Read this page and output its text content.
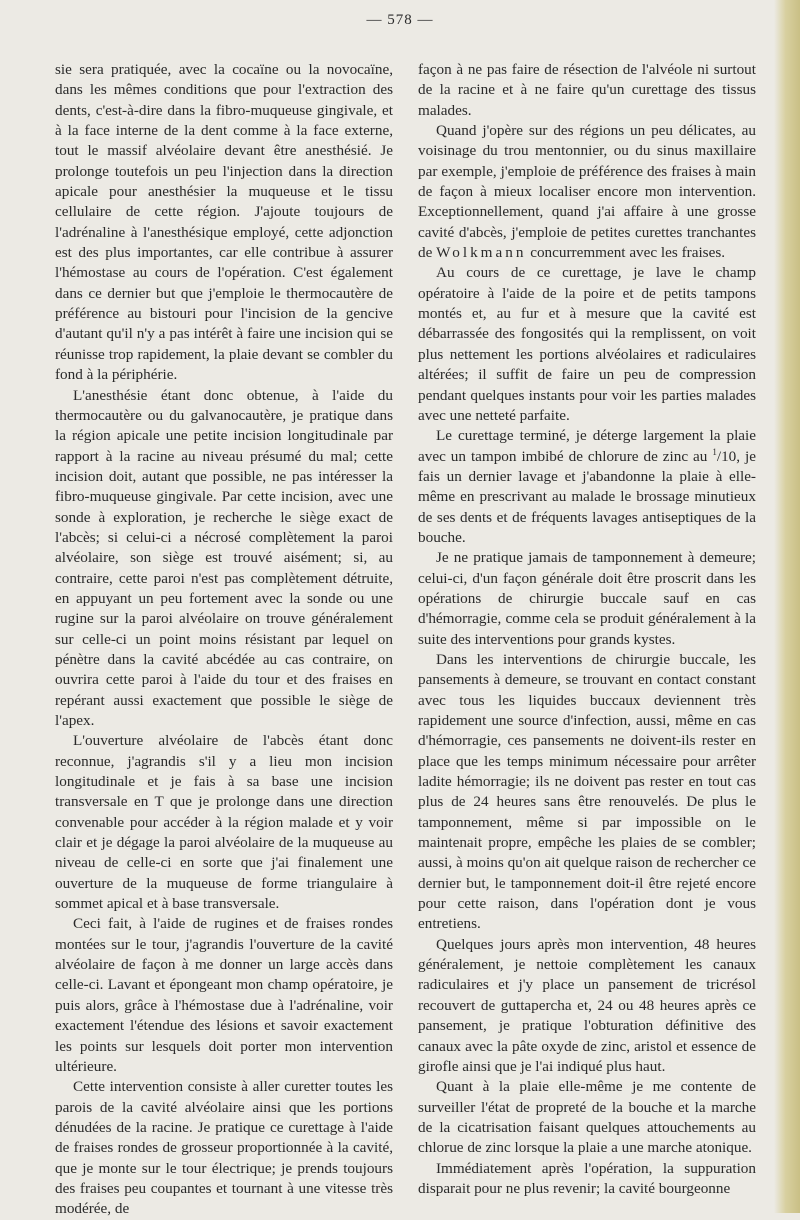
— 578 —

sie sera pratiquée, avec la cocaïne ou la novocaïne, dans les mêmes conditions que pour l'extraction des dents, c'est-à-dire dans la fibro-muqueuse gingivale, et à la face interne de la dent comme à la face externe, tout le massif alvéolaire devant être anesthésié. Je prolonge toutefois un peu l'injection dans la direction apicale pour anesthésier la muqueuse et le tissu cellulaire de cette région. J'ajoute toujours de l'adrénaline à l'anesthésique employé, cette adjonction est des plus importantes, car elle contribue à assurer l'hémostase au cours de l'opération. C'est également dans ce dernier but que j'emploie le thermocautère de préférence au bistouri pour l'incision de la gencive d'autant qu'il n'y a pas intérêt à faire une incision qui se réunisse trop rapidement, la plaie devant se combler du fond à la périphérie.

L'anesthésie étant donc obtenue, à l'aide du thermocautère ou du galvanocautère, je pratique dans la région apicale une petite incision longitudinale par rapport à la racine au niveau présumé du mal; cette incision doit, autant que possible, ne pas intéresser la fibro-muqueuse gingivale. Par cette incision, avec une sonde à exploration, je recherche le siège exact de l'abcès; si celui-ci a nécrosé complètement la paroi alvéolaire, son siège est trouvé aisément; si, au contraire, cette paroi n'est pas complètement détruite, en appuyant un peu fortement avec la sonde ou une rugine sur la paroi alvéolaire on trouve généralement sur celle-ci un point moins résistant par lequel on pénètre dans la cavité abcédée au cas contraire, on ouvrira cette paroi à l'aide du tour et des fraises en repérant aussi exactement que possible le siège de l'apex.

L'ouverture alvéolaire de l'abcès étant donc reconnue, j'agrandis s'il y a lieu mon incision longitudinale et je fais à sa base une incision transversale en T que je prolonge dans une direction convenable pour accéder à la région malade et y voir clair et je dégage la paroi alvéolaire de la muqueuse au niveau de celle-ci en sorte que j'ai finalement une ouverture de la muqueuse de forme triangulaire à sommet apical et à base transversale.

Ceci fait, à l'aide de rugines et de fraises rondes montées sur le tour, j'agrandis l'ouverture de la cavité alvéolaire de façon à me donner un large accès dans celle-ci. Lavant et épongeant mon champ opératoire, je puis alors, grâce à l'hémostase due à l'adrénaline, voir exactement l'étendue des lésions et savoir exactement les points sur lesquels doit porter mon intervention ultérieure.

Cette intervention consiste à aller curetter toutes les parois de la cavité alvéolaire ainsi que les portions dénudées de la racine. Je pratique ce curettage à l'aide de fraises rondes de grosseur proportionnée à la cavité, que je monte sur le tour électrique; je prends toujours des fraises peu coupantes et tournant à une vitesse très modérée, de

façon à ne pas faire de résection de l'alvéole ni surtout de la racine et à ne faire qu'un curettage des tissus malades.

Quand j'opère sur des régions un peu délicates, au voisinage du trou mentonnier, ou du sinus maxillaire par exemple, j'emploie de préférence des fraises à main de façon à mieux localiser encore mon intervention. Exceptionnellement, quand j'ai affaire à une grosse cavité d'abcès, j'emploie de petites curettes tranchantes de Wolkmann concurremment avec les fraises.

Au cours de ce curettage, je lave le champ opératoire à l'aide de la poire et de petits tampons montés et, au fur et à mesure que la cavité est débarrassée des fongosités qui la remplissent, on voit plus nettement les portions alvéolaires et radiculaires altérées; il suffit de faire un peu de compression pendant quelques instants pour voir les parties malades avec une netteté parfaite.

Le curettage terminé, je déterge largement la plaie avec un tampon imbibé de chlorure de zinc au $^1$/10, je fais un dernier lavage et j'abandonne la plaie à elle-même en prescrivant au malade le brossage minutieux de ses dents et de fréquents lavages antiseptiques de la bouche.

Je ne pratique jamais de tamponnement à demeure; celui-ci, d'un façon générale doit être proscrit dans les opérations de chirurgie buccale sauf en cas d'hémorragie, comme cela se produit généralement à la suite des interventions pour grands kystes.

Dans les interventions de chirurgie buccale, les pansements à demeure, se trouvant en contact constant avec tous les liquides buccaux deviennent très rapidement une source d'infection, aussi, même en cas d'hémorragie, ces pansements ne doivent-ils rester en place que les temps minimum nécessaire pour arrêter ladite hémorragie; ils ne doivent pas rester en tout cas plus de 24 heures sans être renouvelés. De plus le tamponnement, même si par impossible on le maintenait propre, empêche les plaies de se combler; aussi, à moins qu'on ait quelque raison de rechercher ce dernier but, le tamponnement doit-il être rejeté encore pour cette raison, dans l'opération dont je vous entretiens.

Quelques jours après mon intervention, 48 heures généralement, je nettoie complètement les canaux radiculaires et j'y place un pansement de tricrésol recouvert de guttapercha et, 24 ou 48 heures après ce pansement, je pratique l'obturation définitive des canaux avec la pâte oxyde de zinc, aristol et essence de girofle ainsi que je l'ai indiqué plus haut.

Quant à la plaie elle-même je me contente de surveiller l'état de propreté de la bouche et la marche de la cicatrisation faisant quelques attouchements au chlorue de zinc lorsque la plaie a une marche atonique.

Immédiatement après l'opération, la suppuration disparait pour ne plus revenir; la cavité bourgeonne
